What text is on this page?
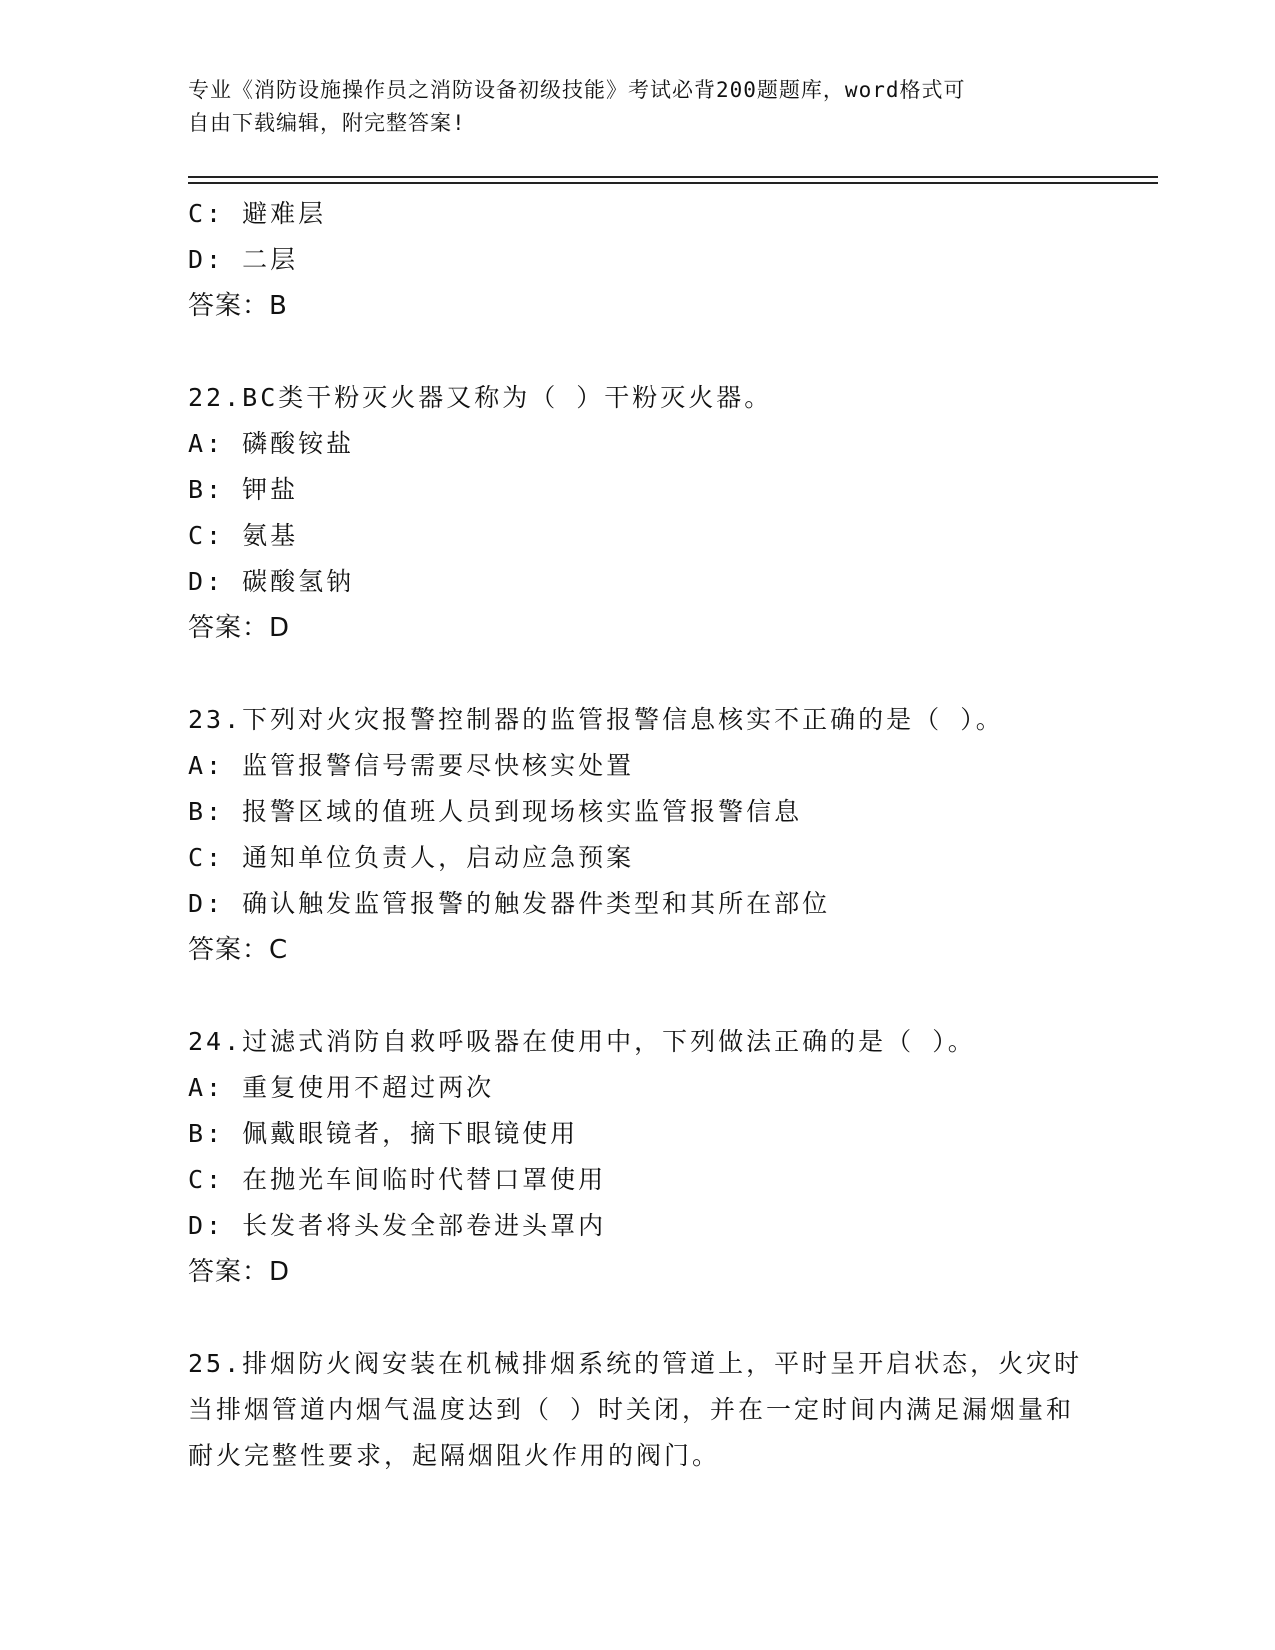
专业《消防设施操作员之消防设备初级技能》考试必背200题题库，word格式可
自由下载编辑，附完整答案!
C: 避难层
D: 二层
答案：B
22.BC类干粉灭火器又称为（ ）干粉灭火器。
A: 磷酸铵盐
B: 钾盐
C: 氨基
D: 碳酸氢钠
答案：D
23.下列对火灾报警控制器的监管报警信息核实不正确的是（ ）。
A: 监管报警信号需要尽快核实处置
B: 报警区域的值班人员到现场核实监管报警信息
C: 通知单位负责人，启动应急预案
D: 确认触发监管报警的触发器件类型和其所在部位
答案：C
24.过滤式消防自救呼吸器在使用中，下列做法正确的是（ ）。
A: 重复使用不超过两次
B: 佩戴眼镜者，摘下眼镜使用
C: 在抛光车间临时代替口罩使用
D: 长发者将头发全部卷进头罩内
答案：D
25.排烟防火阀安装在机械排烟系统的管道上，平时呈开启状态，火灾时当排烟管道内烟气温度达到（ ）时关闭，并在一定时间内满足漏烟量和耐火完整性要求，起隔烟阻火作用的阀门。
